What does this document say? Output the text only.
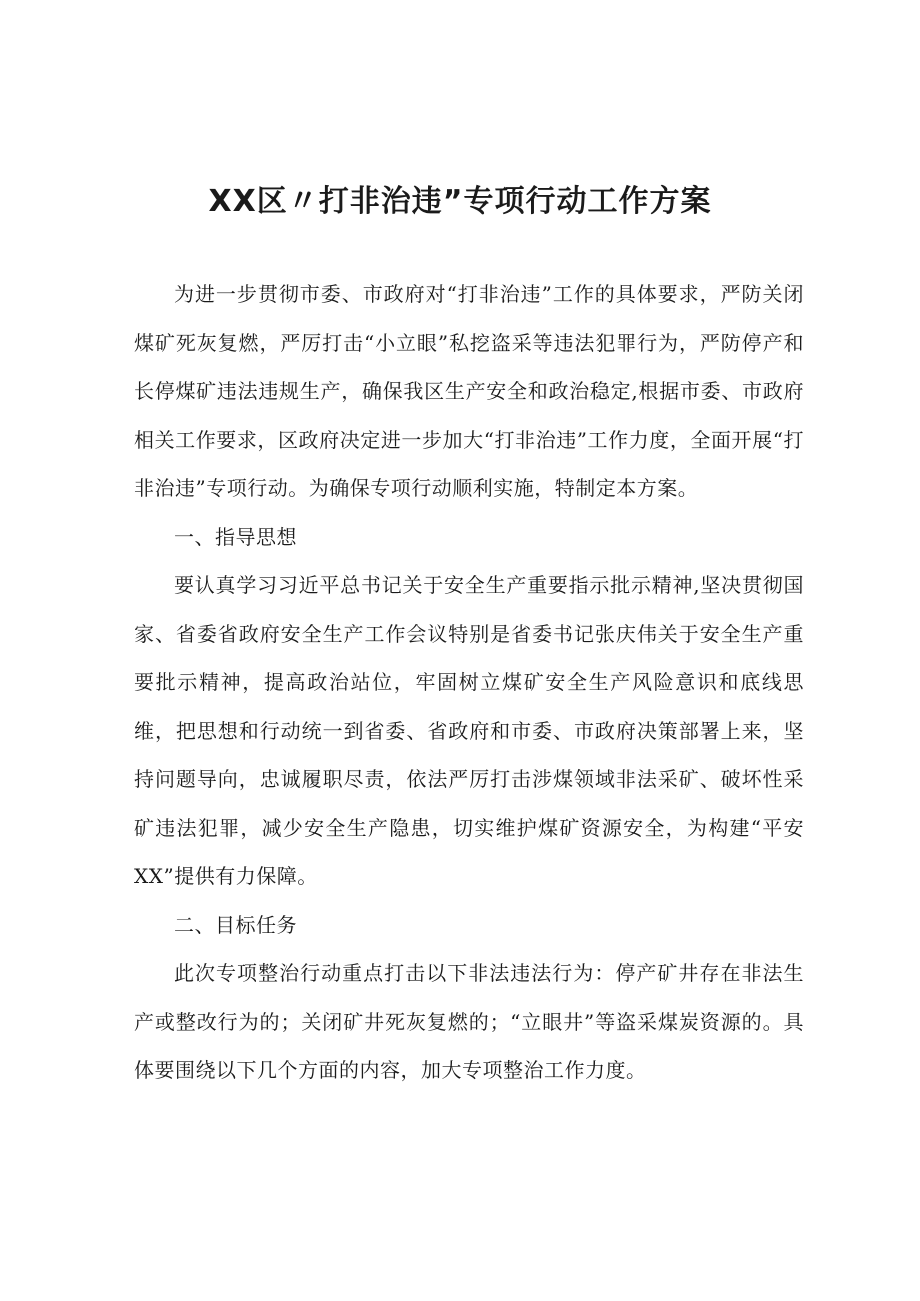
XX区〃打非治违”专项行动工作方案

为进一步贯彻市委、市政府对“打非治违”工作的具体要求，严防关闭煤矿死灰复燃，严厉打击“小立眼”私挖盗采等违法犯罪行为，严防停产和长停煤矿违法违规生产，确保我区生产安全和政治稳定,根据市委、市政府相关工作要求，区政府决定进一步加大“打非治违”工作力度，全面开展“打非治违”专项行动。为确保专项行动顺利实施，特制定本方案。

一、指导思想

要认真学习习近平总书记关于安全生产重要指示批示精神,坚决贯彻国家、省委省政府安全生产工作会议特别是省委书记张庆伟关于安全生产重要批示精神，提高政治站位，牢固树立煤矿安全生产风险意识和底线思维，把思想和行动统一到省委、省政府和市委、市政府决策部署上来，坚持问题导向，忠诚履职尽责，依法严厉打击涉煤领域非法采矿、破坏性采矿违法犯罪，减少安全生产隐患，切实维护煤矿资源安全，为构建“平安XX”提供有力保障。

二、目标任务

此次专项整治行动重点打击以下非法违法行为：停产矿井存在非法生产或整改行为的；关闭矿井死灰复燃的；“立眼井”等盗采煤炭资源的。具体要围绕以下几个方面的内容，加大专项整治工作力度。
